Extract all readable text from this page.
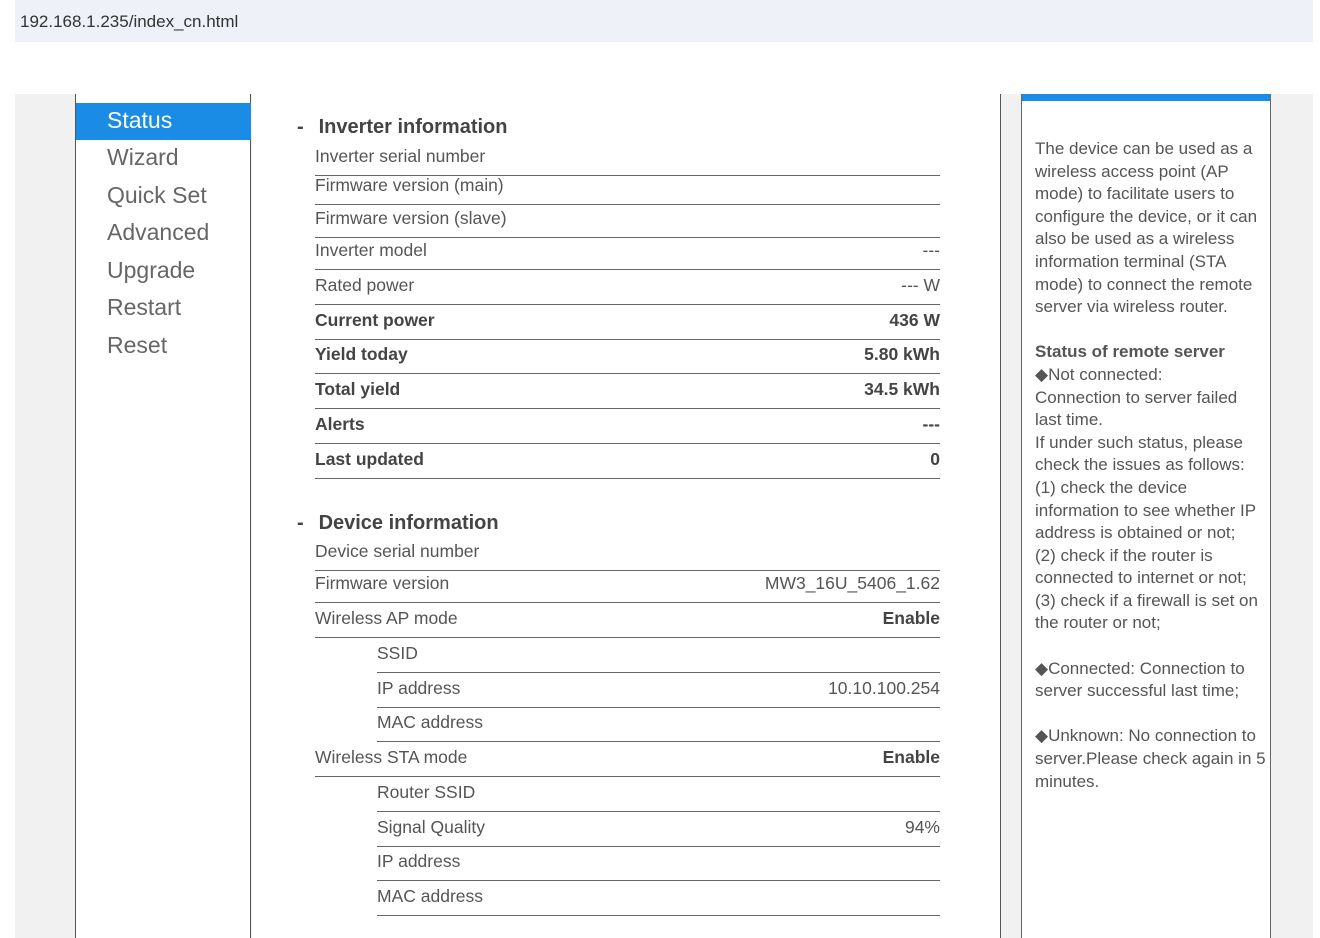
192.168.1.235/index_cn.html
Status
Wizard
Quick Set
Advanced
Upgrade
Restart
Reset
- Inverter information
Inverter serial number
Firmware version (main)
Firmware version (slave)
Inverter model	---
Rated power	--- W
Current power	436 W
Yield today	5.80 kWh
Total yield	34.5 kWh
Alerts	---
Last updated	0
- Device information
Device serial number
Firmware version	MW3_16U_5406_1.62
Wireless AP mode	Enable
SSID
IP address	10.10.100.254
MAC address
Wireless STA mode	Enable
Router SSID
Signal Quality	94%
IP address
MAC address

The device can be used as a wireless access point (AP mode) to facilitate users to configure the device, or it can also be used as a wireless information terminal (STA mode) to connect the remote server via wireless router.

Status of remote server

◆Not connected:

Connection to server failed last time.

If under such status, please check the issues as follows:

(1) check the device information to see whether IP address is obtained or not;

(2) check if the router is connected to internet or not;

(3) check if a firewall is set on the router or not;

◆Connected: Connection to server successful last time;

◆Unknown: No connection to server.Please check again in 5 minutes.
